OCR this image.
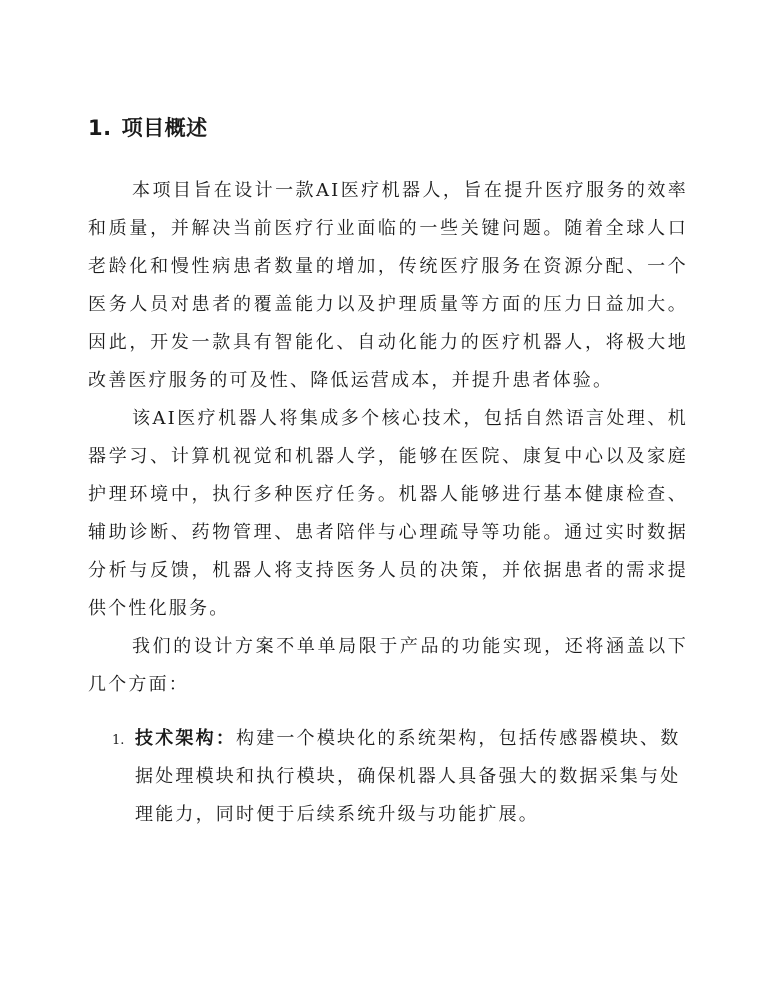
1. 项目概述

本项目旨在设计一款AI医疗机器人，旨在提升医疗服务的效率和质量，并解决当前医疗行业面临的一些关键问题。随着全球人口老龄化和慢性病患者数量的增加，传统医疗服务在资源分配、一个医务人员对患者的覆盖能力以及护理质量等方面的压力日益加大。因此，开发一款具有智能化、自动化能力的医疗机器人，将极大地改善医疗服务的可及性、降低运营成本，并提升患者体验。

该AI医疗机器人将集成多个核心技术，包括自然语言处理、机器学习、计算机视觉和机器人学，能够在医院、康复中心以及家庭护理环境中，执行多种医疗任务。机器人能够进行基本健康检查、辅助诊断、药物管理、患者陪伴与心理疏导等功能。通过实时数据分析与反馈，机器人将支持医务人员的决策，并依据患者的需求提供个性化服务。

我们的设计方案不单单局限于产品的功能实现，还将涵盖以下几个方面：

1. 技术架构：构建一个模块化的系统架构，包括传感器模块、数据处理模块和执行模块，确保机器人具备强大的数据采集与处理能力，同时便于后续系统升级与功能扩展。
